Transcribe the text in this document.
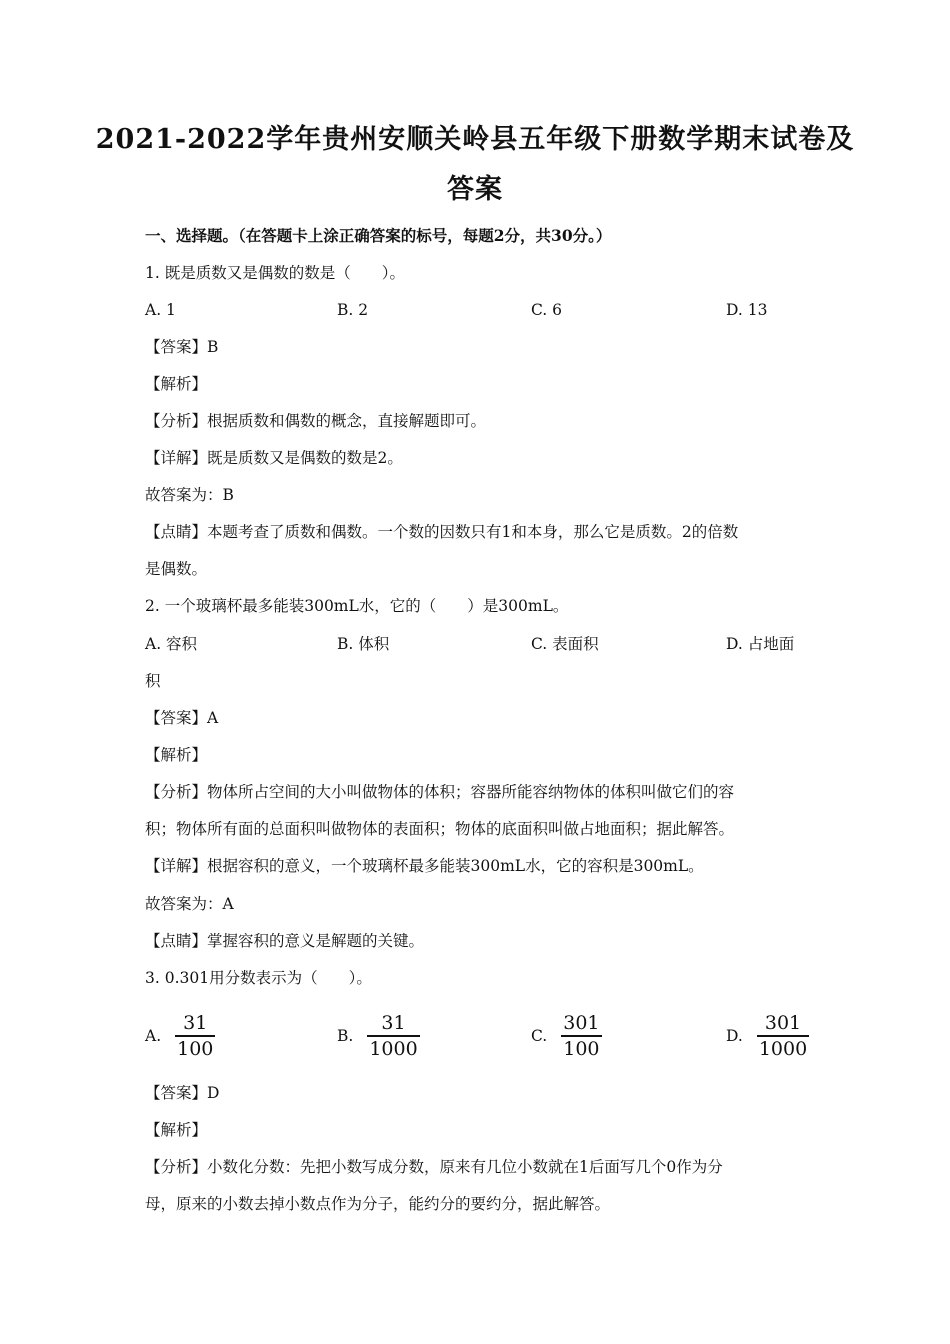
2021-2022学年贵州安顺关岭县五年级下册数学期末试卷及
答案
一、选择题。（在答题卡上涂正确答案的标号，每题2分，共30分。）
1. 既是质数又是偶数的数是（　　）。
A. 1	B. 2	C. 6	D. 13
【答案】B
【解析】
【分析】根据质数和偶数的概念，直接解题即可。
【详解】既是质数又是偶数的数是2。
故答案为：B
【点睛】本题考查了质数和偶数。一个数的因数只有1和本身，那么它是质数。2的倍数
是偶数。
2. 一个玻璃杯最多能装300mL水，它的（　　）是300mL。
A. 容积	B. 体积	C. 表面积	D. 占地面
积
【答案】A
【解析】
【分析】物体所占空间的大小叫做物体的体积；容器所能容纳物体的体积叫做它们的容
积；物体所有面的总面积叫做物体的表面积；物体的底面积叫做占地面积；据此解答。
【详解】根据容积的意义，一个玻璃杯最多能装300mL水，它的容积是300mL。
故答案为：A
【点睛】掌握容积的意义是解题的关键。
3. 0.301用分数表示为（　　）。
A. $\frac{31}{100}$	B. $\frac{31}{1000}$	C. $\frac{301}{100}$	D. $\frac{301}{1000}$
【答案】D
【解析】
【分析】小数化分数：先把小数写成分数，原来有几位小数就在1后面写几个0作为分
母，原来的小数去掉小数点作为分子，能约分的要约分，据此解答。
